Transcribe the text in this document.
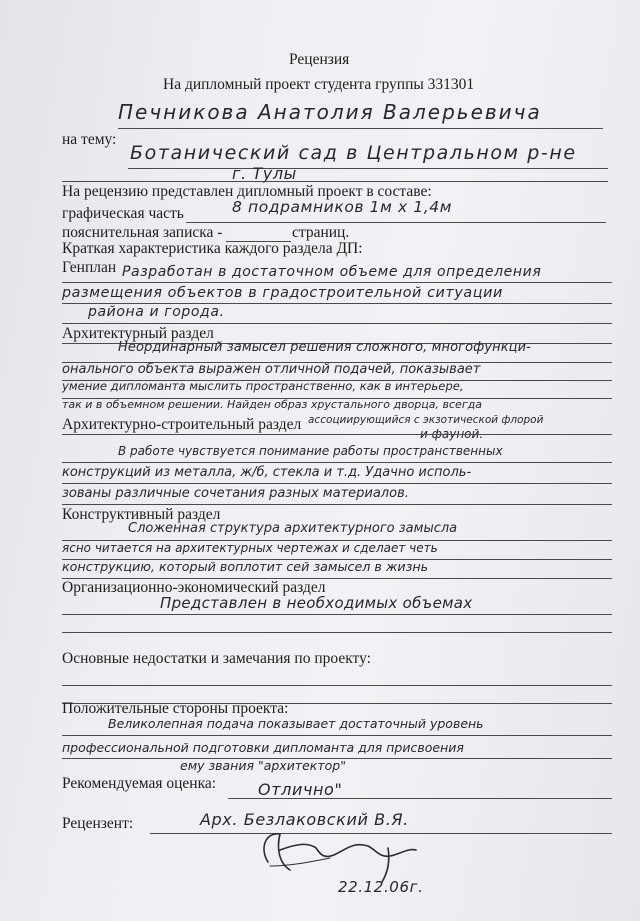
Рецензия
На дипломный проект студента группы 331301
Печникова Анатолия Валерьевича
на тему:
Ботанический сад в Центральном р-не
г. Тулы
На рецензию представлен дипломный проект в составе:
графическая часть	8 подрамников 1м х 1,4м
пояснительная записка -	страниц.
Краткая характеристика каждого раздела ДП:
Генплан Разработан в достаточном объеме для определения
размещения объектов в градостроительной ситуации
района и города.
Архитектурный раздел
Неординарный замысел решения сложного, многофункци-
онального объекта выражен отличной подачей, показывает
умение дипломанта мыслить пространственно, как в интерьере,
так и в объемном решении. Найден образ хрустального дворца, всегда
Архитектурно-строительный раздел ассоциирующийся с экзотической флорой
и фауной.
В работе чувствуется понимание работы пространственных
конструкций из металла, ж/б, стекла и т.д. Удачно исполь-
зованы различные сочетания разных материалов.
Конструктивный раздел
Сложенная структура архитектурного замысла
ясно читается на архитектурных чертежах и сделает четь
конструкцию, который воплотит сей замысел в жизнь
Организационно-экономический раздел
Представлен в необходимых объемах
Основные недостатки и замечания по проекту:
Положительные стороны проекта:
Великолепная подача показывает достаточный уровень
профессиональной подготовки дипломанта для присвоения
ему звания "архитектор"
Рекомендуемая оценка:	Отлично"
Рецензент:	Арх. Безлаковский В.Я.
22.12.06г.
